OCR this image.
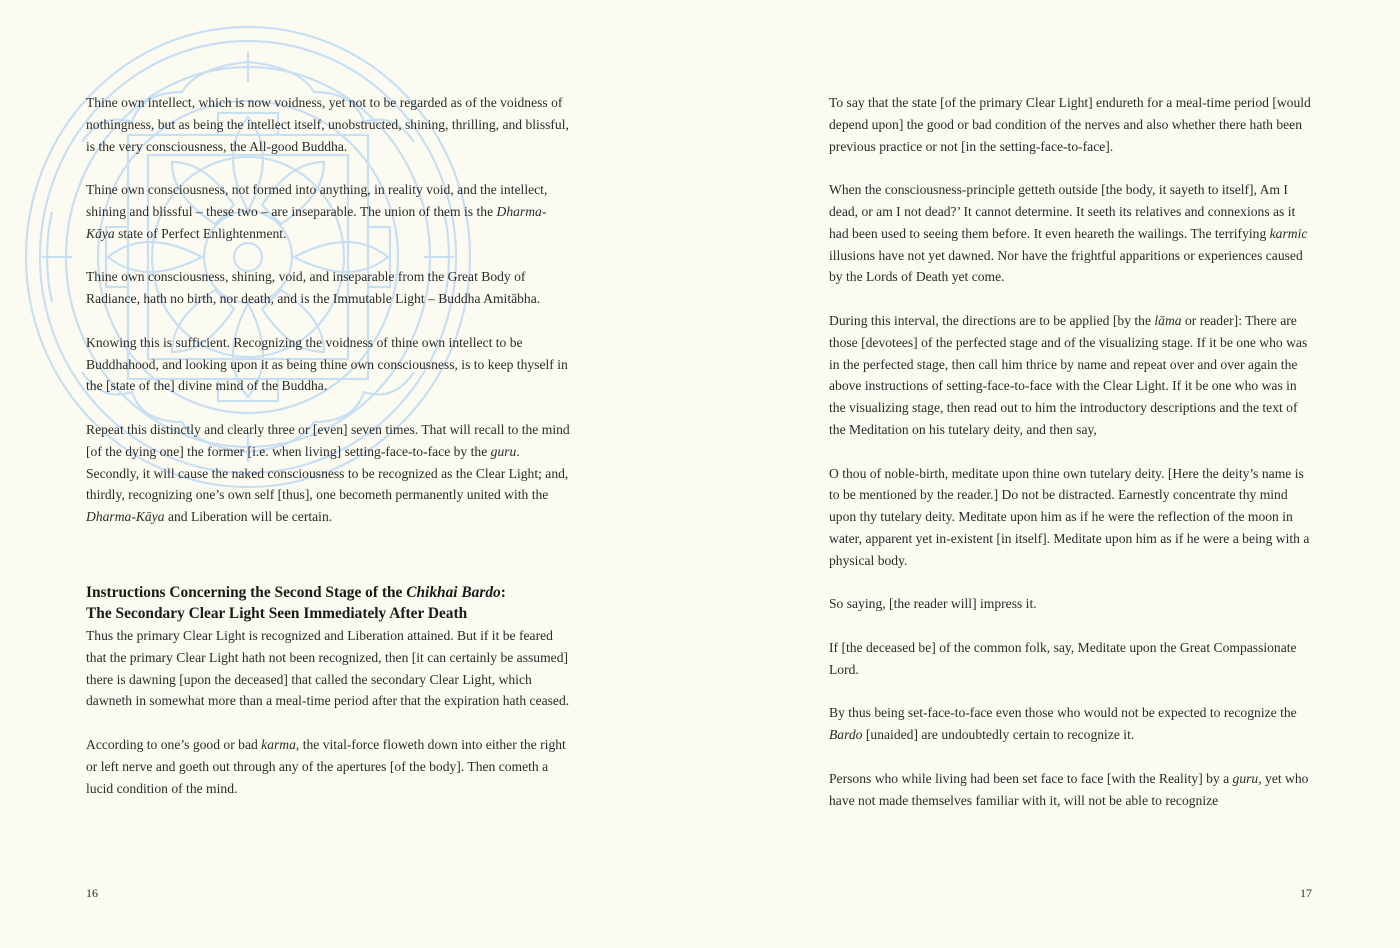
Thine own intellect, which is now voidness, yet not to be regarded as of the voidness of nothingness, but as being the intellect itself, unobstructed, shining, thrilling, and blissful, is the very consciousness, the All-good Buddha.

Thine own consciousness, not formed into anything, in reality void, and the intellect, shining and blissful – these two – are inseparable. The union of them is the Dharma-Kāya state of Perfect Enlightenment.

Thine own consciousness, shining, void, and inseparable from the Great Body of Radiance, hath no birth, nor death, and is the Immutable Light – Buddha Amitābha.

Knowing this is sufficient. Recognizing the voidness of thine own intellect to be Buddhahood, and looking upon it as being thine own consciousness, is to keep thyself in the [state of the] divine mind of the Buddha.

Repeat this distinctly and clearly three or [even] seven times. That will recall to the mind [of the dying one] the former [i.e. when living] setting-face-to-face by the guru. Secondly, it will cause the naked consciousness to be recognized as the Clear Light; and, thirdly, recognizing one’s own self [thus], one becometh permanently united with the Dharma-Kāya and Liberation will be certain.

Instructions Concerning the Second Stage of the Chikhai Bardo:
The Secondary Clear Light Seen Immediately After Death

Thus the primary Clear Light is recognized and Liberation attained. But if it be feared that the primary Clear Light hath not been recognized, then [it can certainly be assumed] there is dawning [upon the deceased] that called the secondary Clear Light, which dawneth in somewhat more than a meal-time period after that the expiration hath ceased.

According to one’s good or bad karma, the vital-force floweth down into either the right or left nerve and goeth out through any of the apertures [of the body]. Then cometh a lucid condition of the mind.

To say that the state [of the primary Clear Light] endureth for a meal-time period [would depend upon] the good or bad condition of the nerves and also whether there hath been previous practice or not [in the setting-face-to-face].

When the consciousness-principle getteth outside [the body, it sayeth to itself], Am I dead, or am I not dead?’ It cannot determine. It seeth its relatives and connexions as it had been used to seeing them before. It even heareth the wailings. The terrifying karmic illusions have not yet dawned. Nor have the frightful apparitions or experiences caused by the Lords of Death yet come.

During this interval, the directions are to be applied [by the lāma or reader]: There are those [devotees] of the perfected stage and of the visualizing stage. If it be one who was in the perfected stage, then call him thrice by name and repeat over and over again the above instructions of setting-face-to-face with the Clear Light. If it be one who was in the visualizing stage, then read out to him the introductory descriptions and the text of the Meditation on his tutelary deity, and then say,

O thou of noble-birth, meditate upon thine own tutelary deity. [Here the deity’s name is to be mentioned by the reader.] Do not be distracted. Earnestly concentrate thy mind upon thy tutelary deity. Meditate upon him as if he were the reflection of the moon in water, apparent yet in-existent [in itself]. Meditate upon him as if he were a being with a physical body.

So saying, [the reader will] impress it.

If [the deceased be] of the common folk, say, Meditate upon the Great Compassionate Lord.

By thus being set-face-to-face even those who would not be expected to recognize the Bardo [unaided] are undoubtedly certain to recognize it.

Persons who while living had been set face to face [with the Reality] by a guru, yet who have not made themselves familiar with it, will not be able to recognize

16	17
